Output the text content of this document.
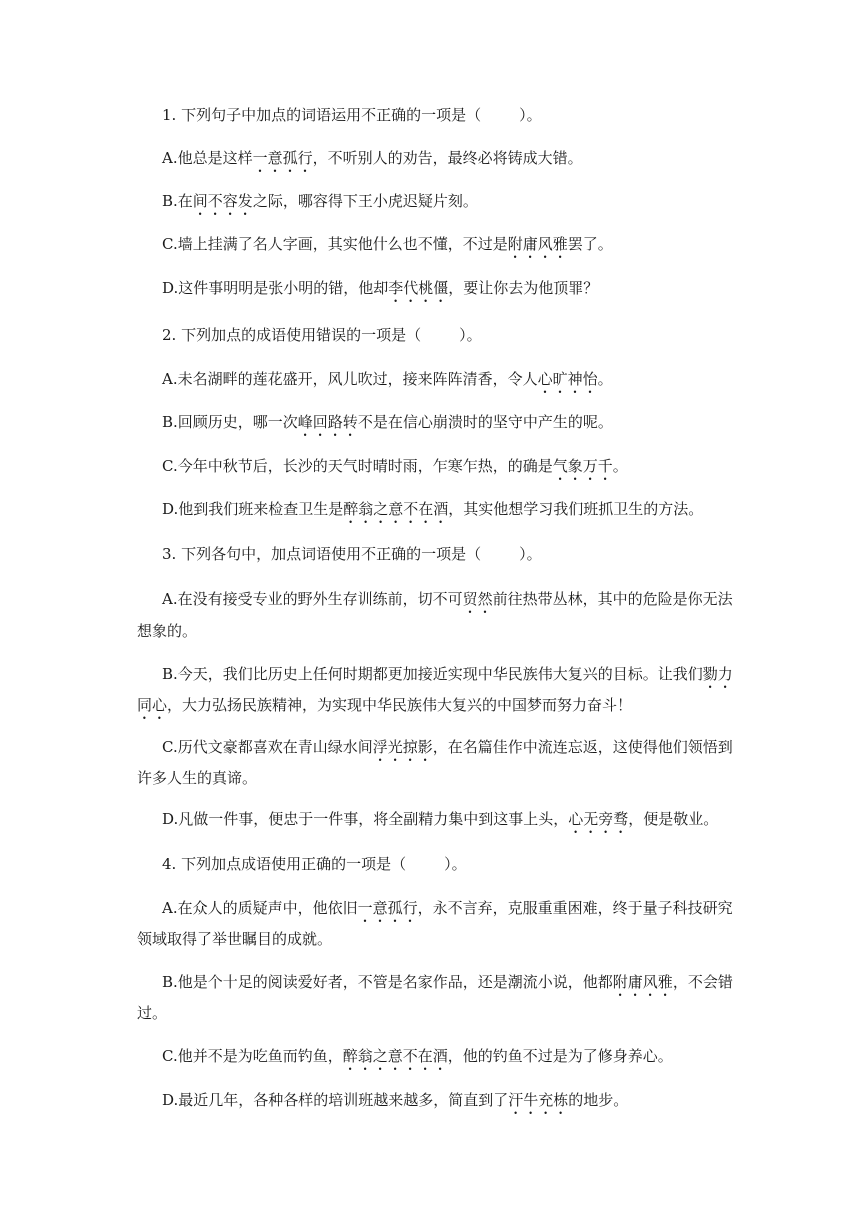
1. 下列句子中加点的词语运用不正确的一项是（	）。
A.他总是这样一意孤行，不听别人的劝告，最终必将铸成大错。
B.在间不容发之际，哪容得下王小虎迟疑片刻。
C.墙上挂满了名人字画，其实他什么也不懂，不过是附庸风雅罢了。
D.这件事明明是张小明的错，他却李代桃僵，要让你去为他顶罪？
2. 下列加点的成语使用错误的一项是（	）。
A.未名湖畔的莲花盛开，风儿吹过，接来阵阵清香，令人心旷神怡。
B.回顾历史，哪一次峰回路转不是在信心崩溃时的坚守中产生的呢。
C.今年中秋节后，长沙的天气时晴时雨，乍寒乍热，的确是气象万千。
D.他到我们班来检查卫生是醉翁之意不在酒，其实他想学习我们班抓卫生的方法。
3. 下列各句中，加点词语使用不正确的一项是（	）。
A.在没有接受专业的野外生存训练前，切不可贸然前往热带丛林，其中的危险是你无法
想象的。
B.今天，我们比历史上任何时期都更加接近实现中华民族伟大复兴的目标。让我们勠力
同心，大力弘扬民族精神，为实现中华民族伟大复兴的中国梦而努力奋斗！
C.历代文豪都喜欢在青山绿水间浮光掠影，在名篇佳作中流连忘返，这使得他们领悟到
许多人生的真谛。
D.凡做一件事，便忠于一件事，将全副精力集中到这事上头，心无旁骛，便是敬业。
4. 下列加点成语使用正确的一项是（	）。
A.在众人的质疑声中，他依旧一意孤行，永不言弃，克服重重困难，终于量子科技研究
领域取得了举世瞩目的成就。
B.他是个十足的阅读爱好者，不管是名家作品，还是潮流小说，他都附庸风雅，不会错
过。
C.他并不是为吃鱼而钓鱼，醉翁之意不在酒，他的钓鱼不过是为了修身养心。
D.最近几年，各种各样的培训班越来越多，简直到了汗牛充栋的地步。
